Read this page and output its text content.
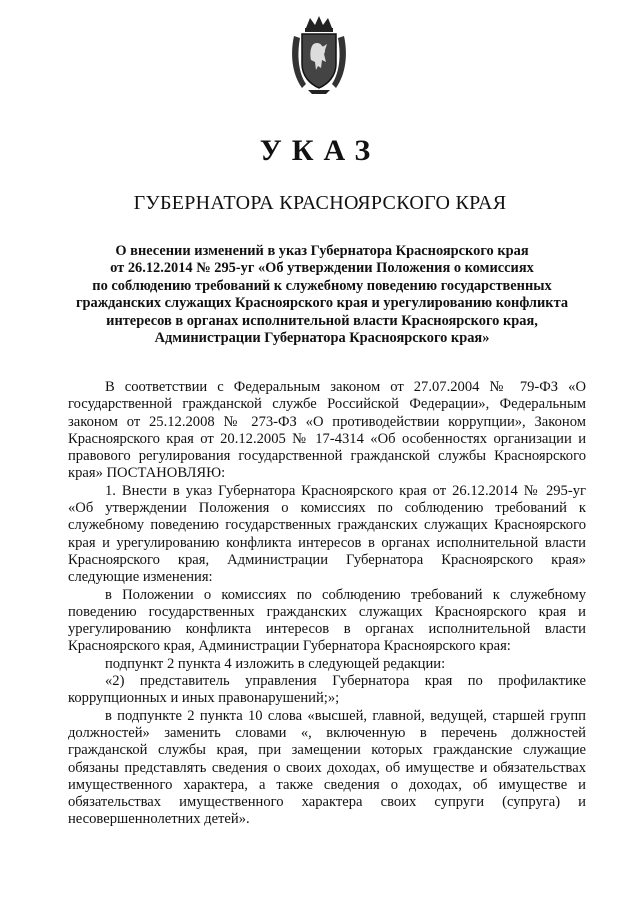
УКАЗ
ГУБЕРНАТОРА КРАСНОЯРСКОГО КРАЯ
О внесении изменений в указ Губернатора Красноярского края
от 26.12.2014 № 295-уг «Об утверждении Положения о комиссиях
по соблюдению требований к служебному поведению государственных
гражданских служащих Красноярского края и урегулированию конфликта
интересов в органах исполнительной власти Красноярского края,
Администрации Губернатора Красноярского края»

В соответствии с Федеральным законом от 27.07.2004 № 79-ФЗ «О государственной гражданской службе Российской Федерации», Федеральным законом от 25.12.2008 № 273-ФЗ «О противодействии коррупции», Законом Красноярского края от 20.12.2005 № 17-4314 «Об особенностях организации и правового регулирования государственной гражданской службы Красноярского края» ПОСТАНОВЛЯЮ:

1. Внести в указ Губернатора Красноярского края от 26.12.2014 № 295-уг «Об утверждении Положения о комиссиях по соблюдению требований к служебному поведению государственных гражданских служащих Красноярского края и урегулированию конфликта интересов в органах исполнительной власти Красноярского края, Администрации Губернатора Красноярского края» следующие изменения:

в Положении о комиссиях по соблюдению требований к служебному поведению государственных гражданских служащих Красноярского края и урегулированию конфликта интересов в органах исполнительной власти Красноярского края, Администрации Губернатора Красноярского края:

подпункт 2 пункта 4 изложить в следующей редакции:

«2) представитель управления Губернатора края по профилактике коррупционных и иных правонарушений;»;

в подпункте 2 пункта 10 слова «высшей, главной, ведущей, старшей групп должностей» заменить словами «, включенную в перечень должностей гражданской службы края, при замещении которых гражданские служащие обязаны представлять сведения о своих доходах, об имуществе и обязательствах имущественного характера, а также сведения о доходах, об имуществе и обязательствах имущественного характера своих супруги (супруга) и несовершеннолетних детей».
